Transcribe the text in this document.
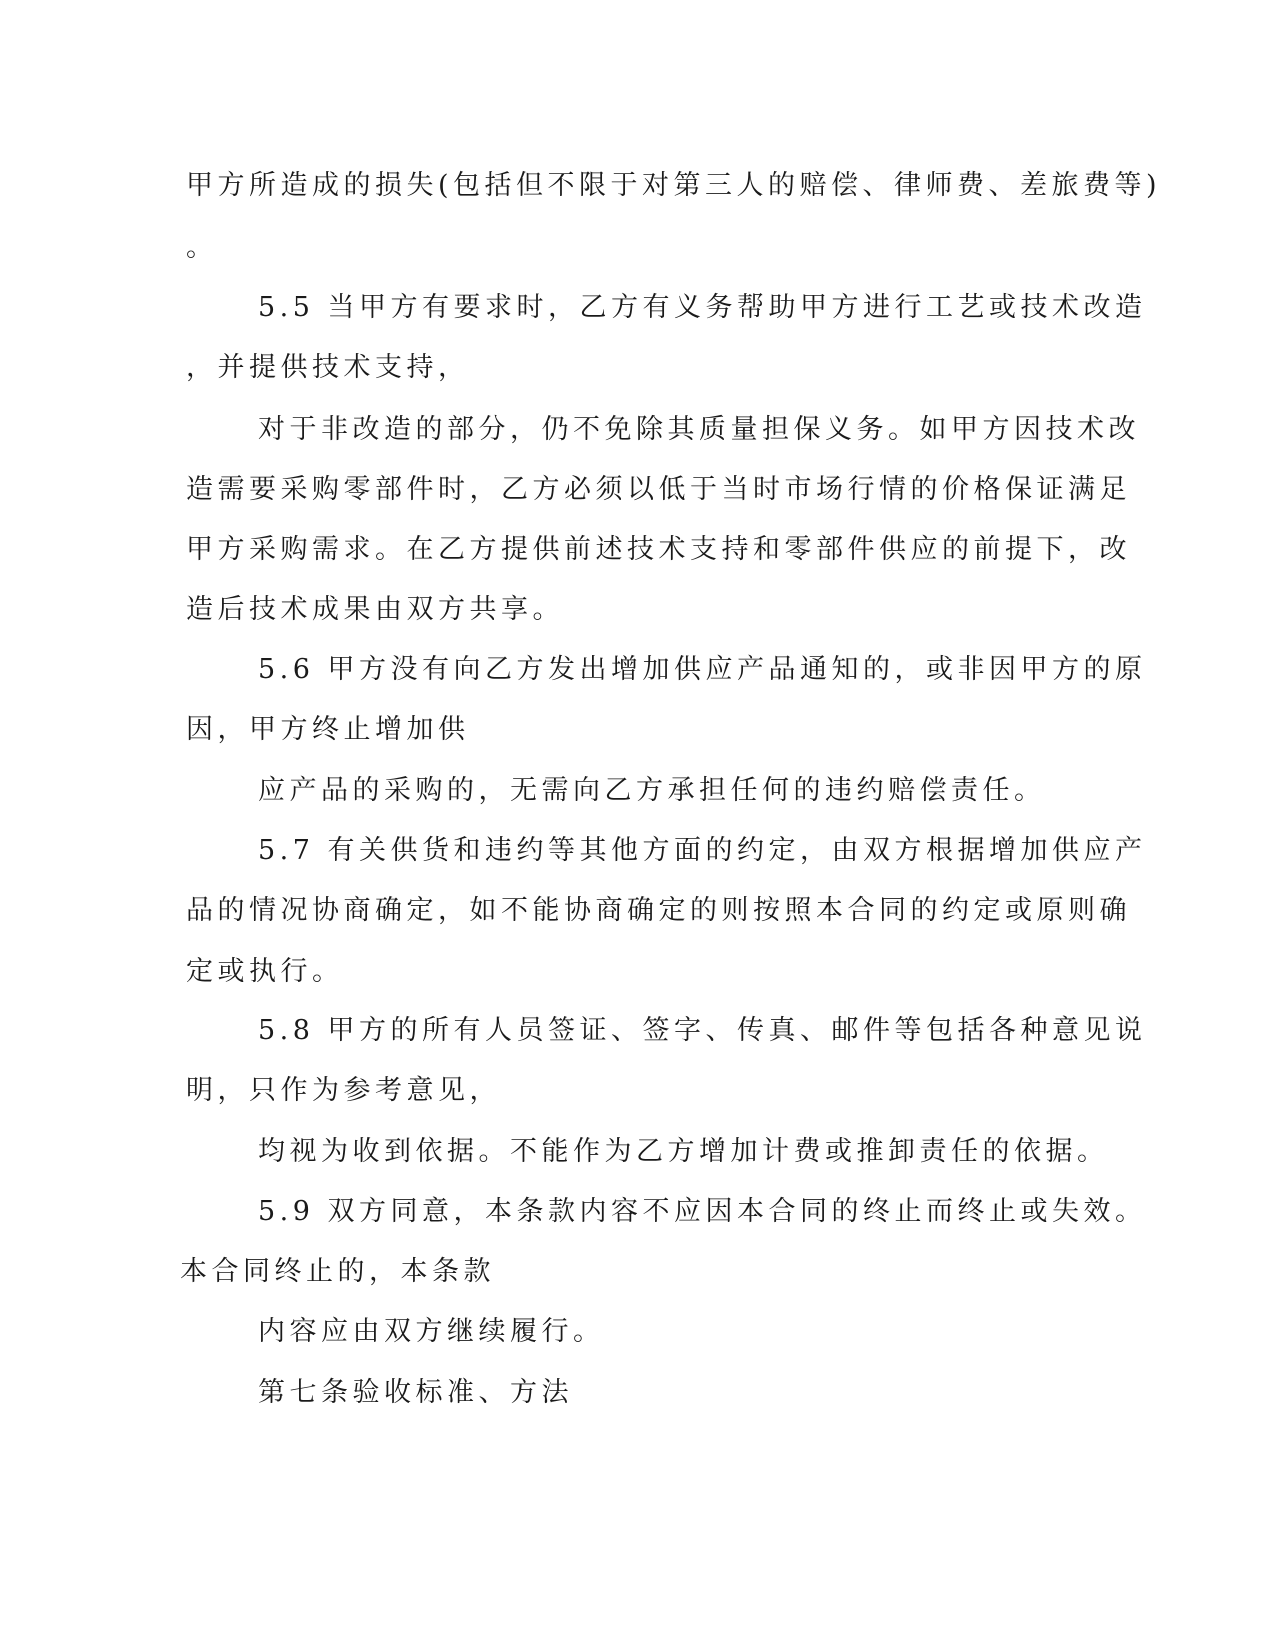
甲方所造成的损失(包括但不限于对第三人的赔偿、律师费、差旅费等)
。
5.5 当甲方有要求时，乙方有义务帮助甲方进行工艺或技术改造
，并提供技术支持，
对于非改造的部分，仍不免除其质量担保义务。如甲方因技术改
造需要采购零部件时，乙方必须以低于当时市场行情的价格保证满足
甲方采购需求。在乙方提供前述技术支持和零部件供应的前提下，改
造后技术成果由双方共享。
5.6 甲方没有向乙方发出增加供应产品通知的，或非因甲方的原
因，甲方终止增加供
应产品的采购的，无需向乙方承担任何的违约赔偿责任。
5.7 有关供货和违约等其他方面的约定，由双方根据增加供应产
品的情况协商确定，如不能协商确定的则按照本合同的约定或原则确
定或执行。
5.8 甲方的所有人员签证、签字、传真、邮件等包括各种意见说
明，只作为参考意见，
均视为收到依据。不能作为乙方增加计费或推卸责任的依据。
5.9 双方同意，本条款内容不应因本合同的终止而终止或失效。
本合同终止的，本条款
内容应由双方继续履行。
第七条验收标准、方法
